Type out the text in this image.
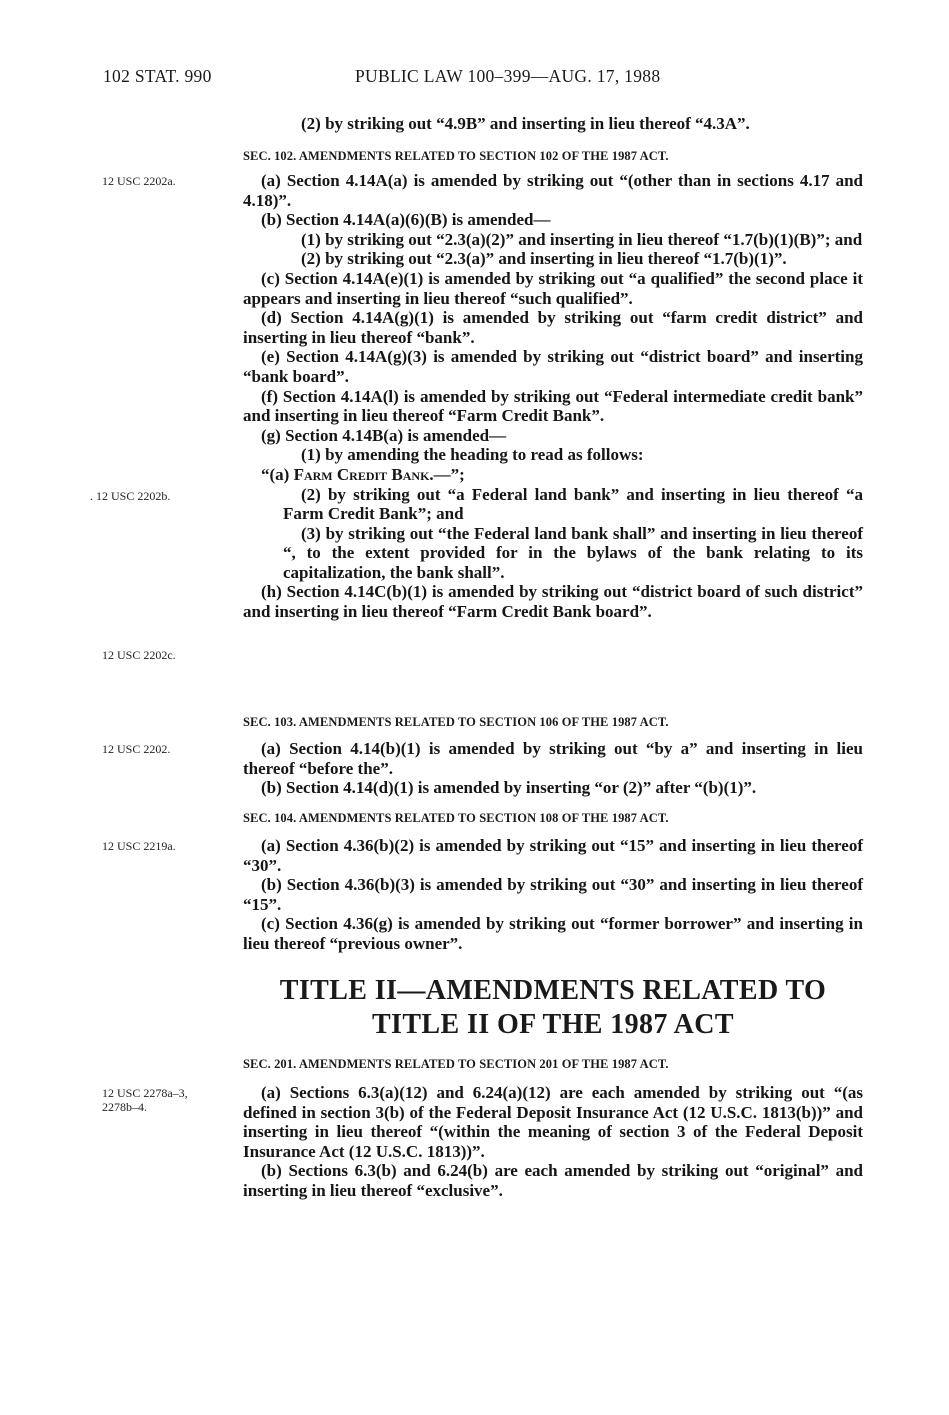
102 STAT. 990	PUBLIC LAW 100–399—AUG. 17, 1988

(2) by striking out “4.9B” and inserting in lieu thereof “4.3A”.

SEC. 102. AMENDMENTS RELATED TO SECTION 102 OF THE 1987 ACT.
12 USC 2202a.
. 12 USC 2202b.
12 USC 2202c.

(a) Section 4.14A(a) is amended by striking out “(other than in sections 4.17 and 4.18)”.

(b) Section 4.14A(a)(6)(B) is amended—

(1) by striking out “2.3(a)(2)” and inserting in lieu thereof “1.7(b)(1)(B)”; and

(2) by striking out “2.3(a)” and inserting in lieu thereof “1.7(b)(1)”.

(c) Section 4.14A(e)(1) is amended by striking out “a qualified” the second place it appears and inserting in lieu thereof “such qualified”.

(d) Section 4.14A(g)(1) is amended by striking out “farm credit district” and inserting in lieu thereof “bank”.

(e) Section 4.14A(g)(3) is amended by striking out “district board” and inserting “bank board”.

(f) Section 4.14A(l) is amended by striking out “Federal intermediate credit bank” and inserting in lieu thereof “Farm Credit Bank”.

(g) Section 4.14B(a) is amended—

(1) by amending the heading to read as follows:

“(a) Farm Credit Bank.—”;

(2) by striking out “a Federal land bank” and inserting in lieu thereof “a Farm Credit Bank”; and

(3) by striking out “the Federal land bank shall” and inserting in lieu thereof “, to the extent provided for in the bylaws of the bank relating to its capitalization, the bank shall”.

(h) Section 4.14C(b)(1) is amended by striking out “district board of such district” and inserting in lieu thereof “Farm Credit Bank board”.

SEC. 103. AMENDMENTS RELATED TO SECTION 106 OF THE 1987 ACT.
12 USC 2202.	(a) Section 4.14(b)(1) is amended by striking out “by a” and inserting in lieu thereof “before the”.

(b) Section 4.14(d)(1) is amended by inserting “or (2)” after “(b)(1)”.

SEC. 104. AMENDMENTS RELATED TO SECTION 108 OF THE 1987 ACT.
12 USC 2219a.	(a) Section 4.36(b)(2) is amended by striking out “15” and inserting in lieu thereof “30”.

(b) Section 4.36(b)(3) is amended by striking out “30” and inserting in lieu thereof “15”.

(c) Section 4.36(g) is amended by striking out “former borrower” and inserting in lieu thereof “previous owner”.

TITLE II—AMENDMENTS RELATED TO
TITLE II OF THE 1987 ACT
SEC. 201. AMENDMENTS RELATED TO SECTION 201 OF THE 1987 ACT.
12 USC 2278a–3,
2278b–4.

(a) Sections 6.3(a)(12) and 6.24(a)(12) are each amended by striking out “(as defined in section 3(b) of the Federal Deposit Insurance Act (12 U.S.C. 1813(b))” and inserting in lieu thereof “(within the meaning of section 3 of the Federal Deposit Insurance Act (12 U.S.C. 1813))”.

(b) Sections 6.3(b) and 6.24(b) are each amended by striking out “original” and inserting in lieu thereof “exclusive”.
